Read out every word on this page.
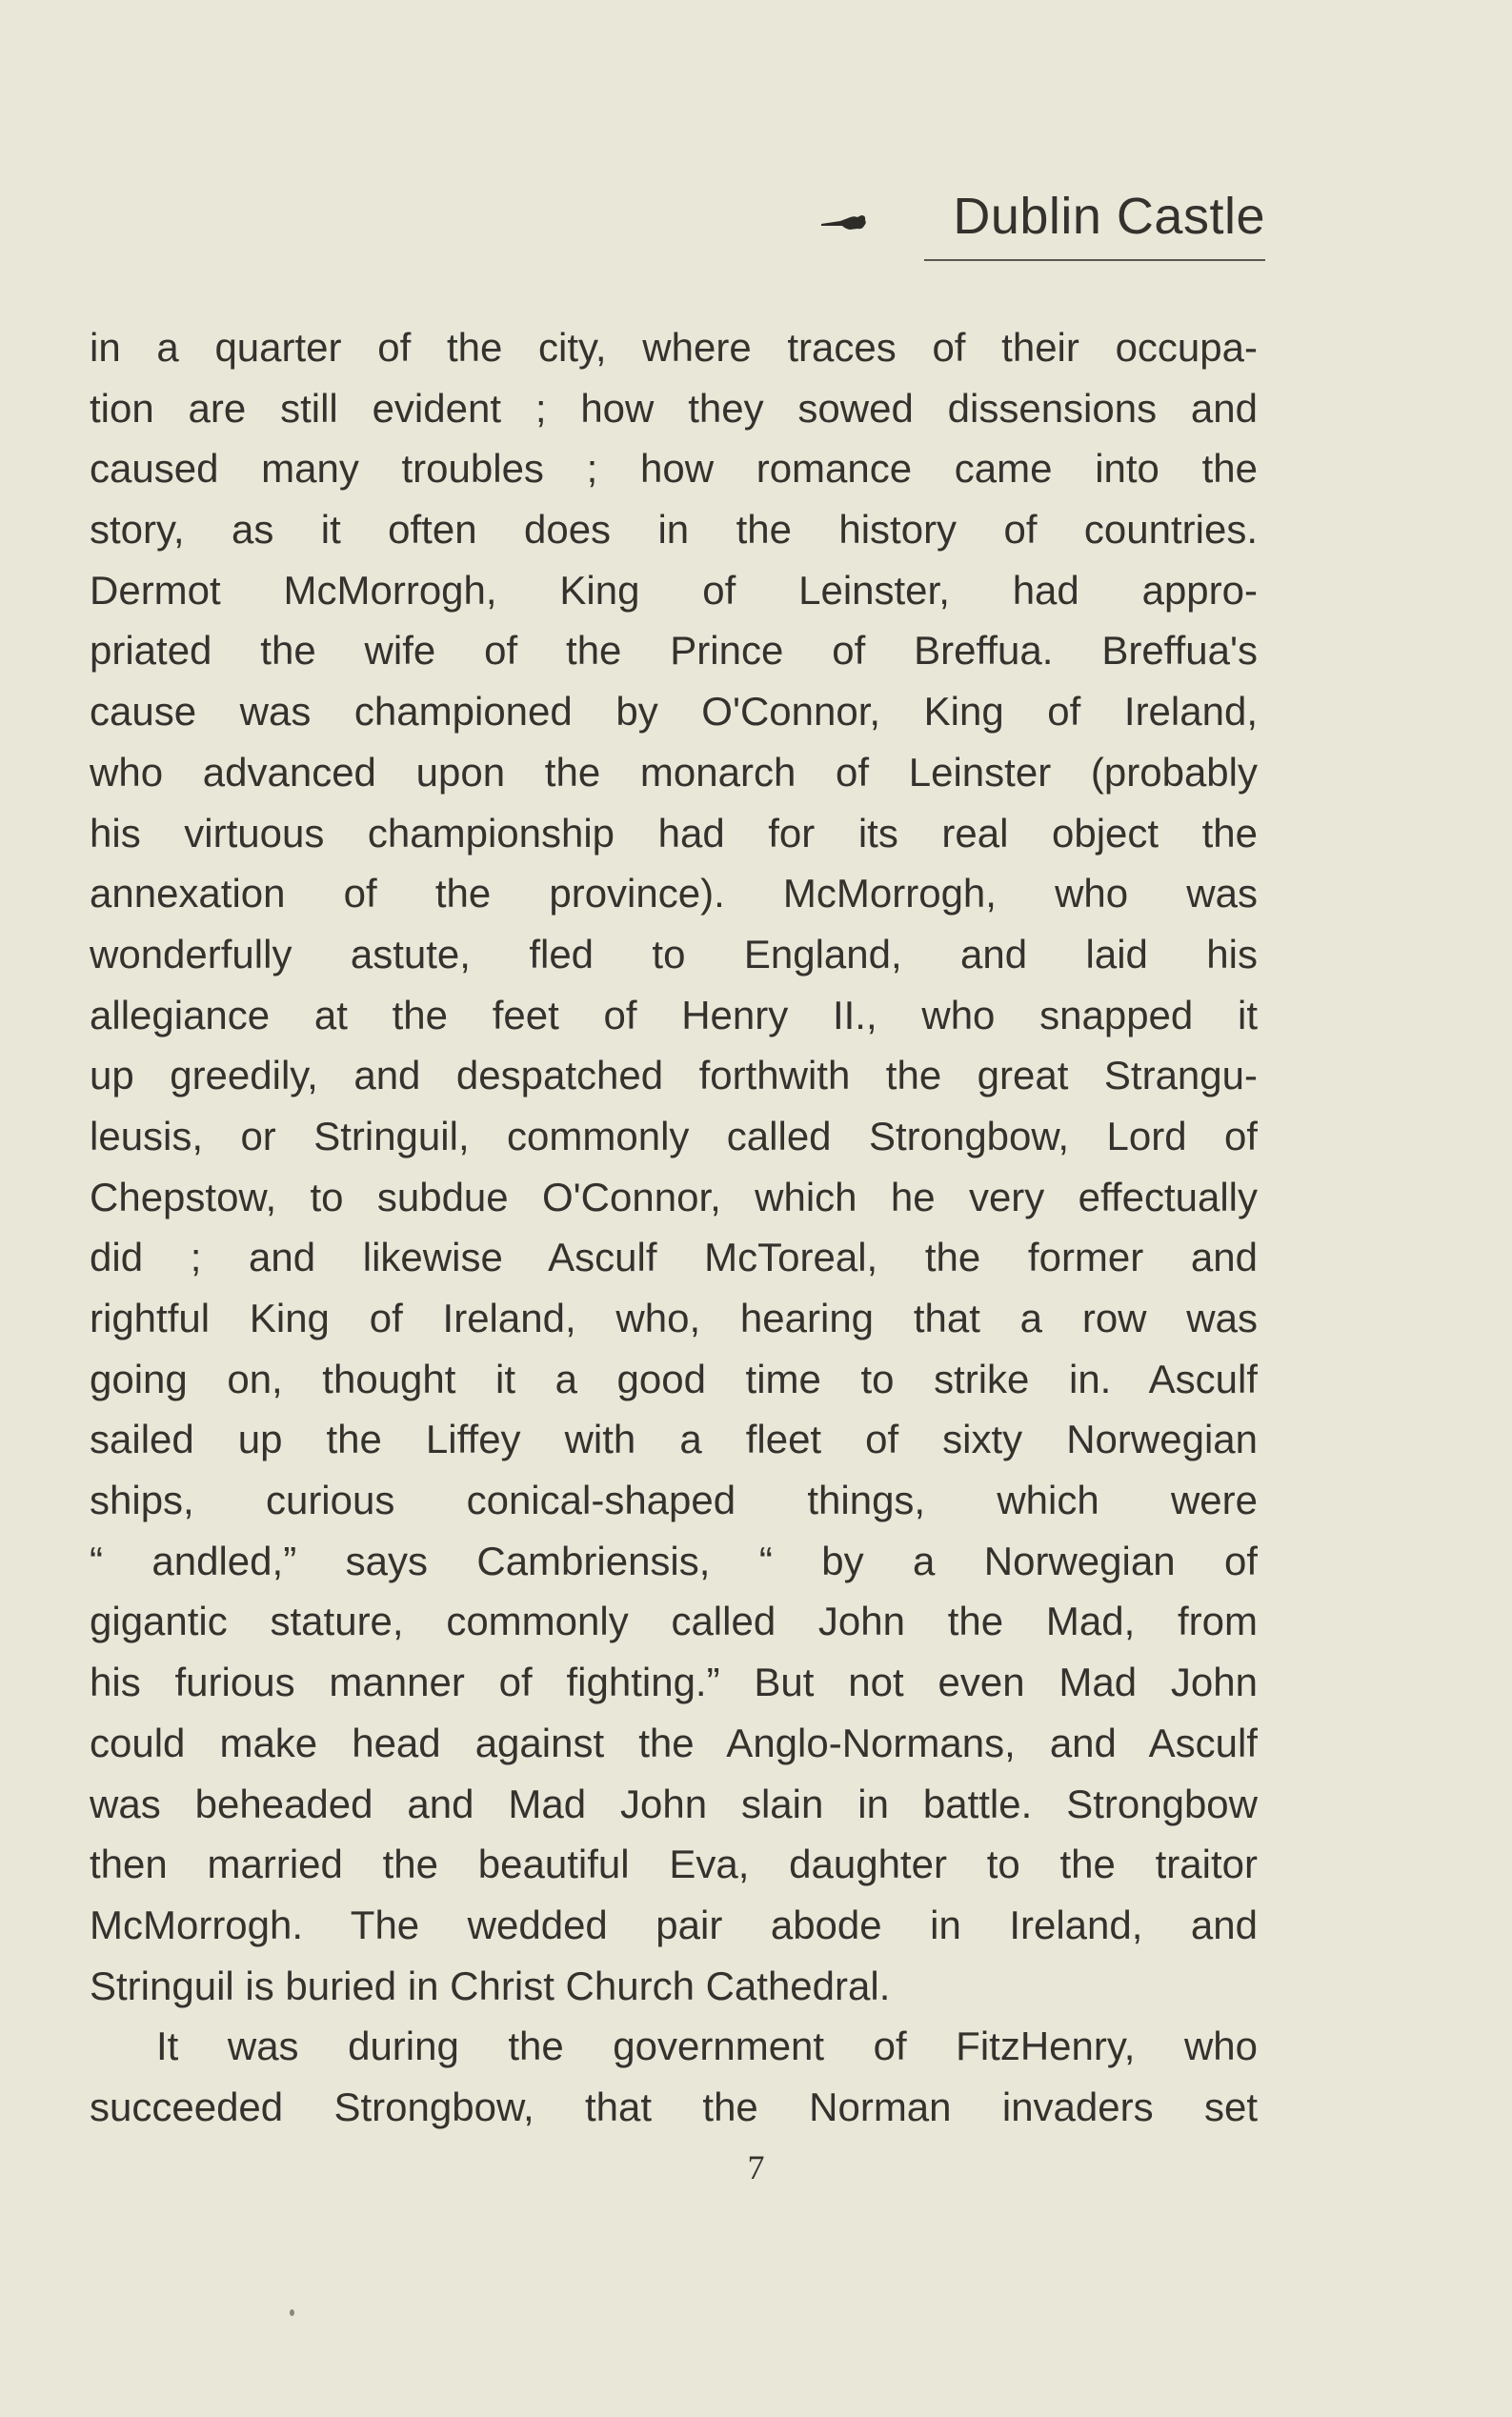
Dublin Castle
in a quarter of the city, where traces of their occupa-
tion are still evident ; how they sowed dissensions and
caused many troubles ; how romance came into the
story, as it often does in the history of countries.
Dermot McMorrogh, King of Leinster, had appro-
priated the wife of the Prince of Breffua. Breffua's
cause was championed by O'Connor, King of Ireland,
who advanced upon the monarch of Leinster (probably
his virtuous championship had for its real object the
annexation of the province). McMorrogh, who was
wonderfully astute, fled to England, and laid his
allegiance at the feet of Henry II., who snapped it
up greedily, and despatched forthwith the great Strangu-
leusis, or Stringuil, commonly called Strongbow, Lord of
Chepstow, to subdue O'Connor, which he very effectually
did ; and likewise Asculf McToreal, the former and
rightful King of Ireland, who, hearing that a row was
going on, thought it a good time to strike in. Asculf
sailed up the Liffey with a fleet of sixty Norwegian
ships, curious conical-shaped things, which were
“ andled,” says Cambriensis, “ by a Norwegian of
gigantic stature, commonly called John the Mad, from
his furious manner of fighting.” But not even Mad John
could make head against the Anglo-Normans, and Asculf
was beheaded and Mad John slain in battle. Strongbow
then married the beautiful Eva, daughter to the traitor
McMorrogh. The wedded pair abode in Ireland, and
Stringuil is buried in Christ Church Cathedral.
It was during the government of FitzHenry, who
succeeded Strongbow, that the Norman invaders set
7
